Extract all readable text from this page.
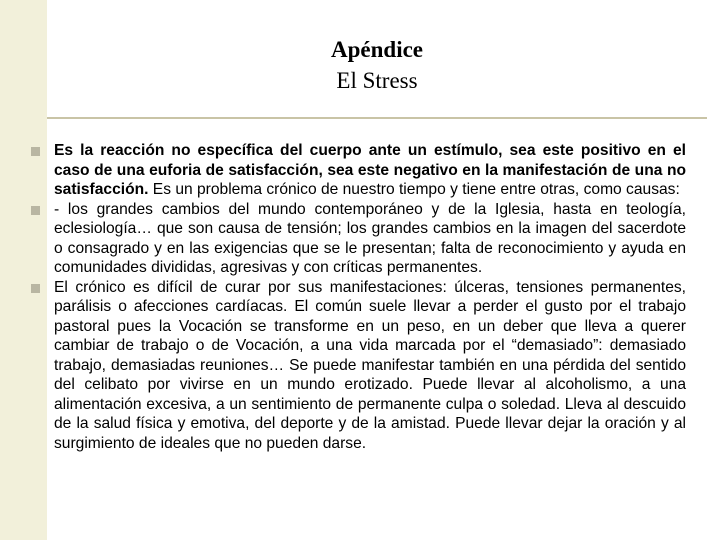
Apéndice
El Stress

Es la reacción no específica del cuerpo ante un estímulo, sea este positivo en el caso de una euforia de satisfacción, sea este negativo en la manifestación de una no satisfacción. Es un problema crónico de nuestro tiempo y tiene entre otras, como causas:

- los grandes cambios del mundo contemporáneo y de la Iglesia, hasta en teología, eclesiología… que son causa de tensión; los grandes cambios en la imagen del sacerdote o consagrado y en las exigencias que se le presentan; falta de reconocimiento y ayuda en comunidades divididas, agresivas y con críticas permanentes.

El crónico es difícil de curar por sus manifestaciones: úlceras, tensiones permanentes, parálisis o afecciones cardíacas. El común suele llevar a perder el gusto por el trabajo pastoral pues la Vocación se transforme en un peso, en un deber que lleva a querer cambiar de trabajo o de Vocación, a una vida marcada por el “demasiado”: demasiado trabajo, demasiadas reuniones… Se puede manifestar también en una pérdida del sentido del celibato por vivirse en un mundo erotizado. Puede llevar al alcoholismo, a una alimentación excesiva, a un sentimiento de permanente culpa o soledad. Lleva al descuido de la salud física y emotiva, del deporte y de la amistad. Puede llevar dejar la oración y al surgimiento de ideales que no pueden darse.
